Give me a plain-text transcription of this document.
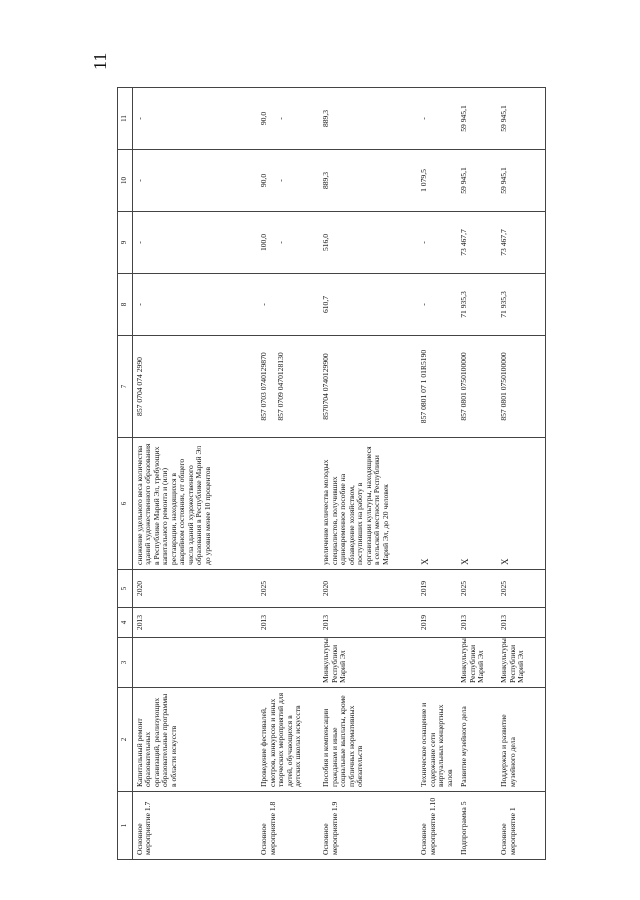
11
1	2	3	4	5	6	7	8	9	10	11
Основное мероприятие 1.7	Капитальный ремонт образовательных организаций, реализующих образовательные программы в области искусств		2013	2020	снижение удельного веса количества зданий художественного образования в Республике Марий Эл, требующих капитального ремонта и (или) реставрации, находящихся в аварийном состоянии, от общего числа зданий художественного образования в Республике Марий Эл до уровня менее 10 процентов	857 0704 074 2990	-	-	-	-

Основное мероприятие 1.8	Проведение фестивалей, смотров, конкурсов и иных творческих мероприятий для детей, обучающихся в детских школах искусств		2013	2025		857 0703 0740129870 857 0709 0470128130	-	100,0 -	90,0 -	90,0 -

Основное мероприятие 1.9	Пособия и компенсации гражданам и иные социальные выплаты, кроме публичных нормативных обязательств	Минкультуры Республики Марий Эл	2013	2020	увеличение количества молодых специалистов, получивших единовременное пособие на обзаведение хозяйством, поступивших на работу в организации культуры, находящиеся в сельской местности Республики Марий Эл, до 20 человек	8570704 0740129900	610,7	516,0	889,3	889,3

Основное мероприятие 1.10	Техническое оснащение и содержание сети виртуальных концертных залов		2019	2019	X	857 0801 07 1 01R5190	-	-	1 079,5	-

Подпрограмма 5	Развитие музейного дела	Минкультуры Республики Марий Эл	2013	2025	X	857 0801 0750100000	71 935,3	73 467,7	59 945,1	59 945,1

Основное мероприятие 1	Поддержка и развитие музейного дела	Минкультуры Республики Марий Эл	2013	2025	X	857 0801 0750100000	71 935,3	73 467,7	59 945,1	59 945,1
